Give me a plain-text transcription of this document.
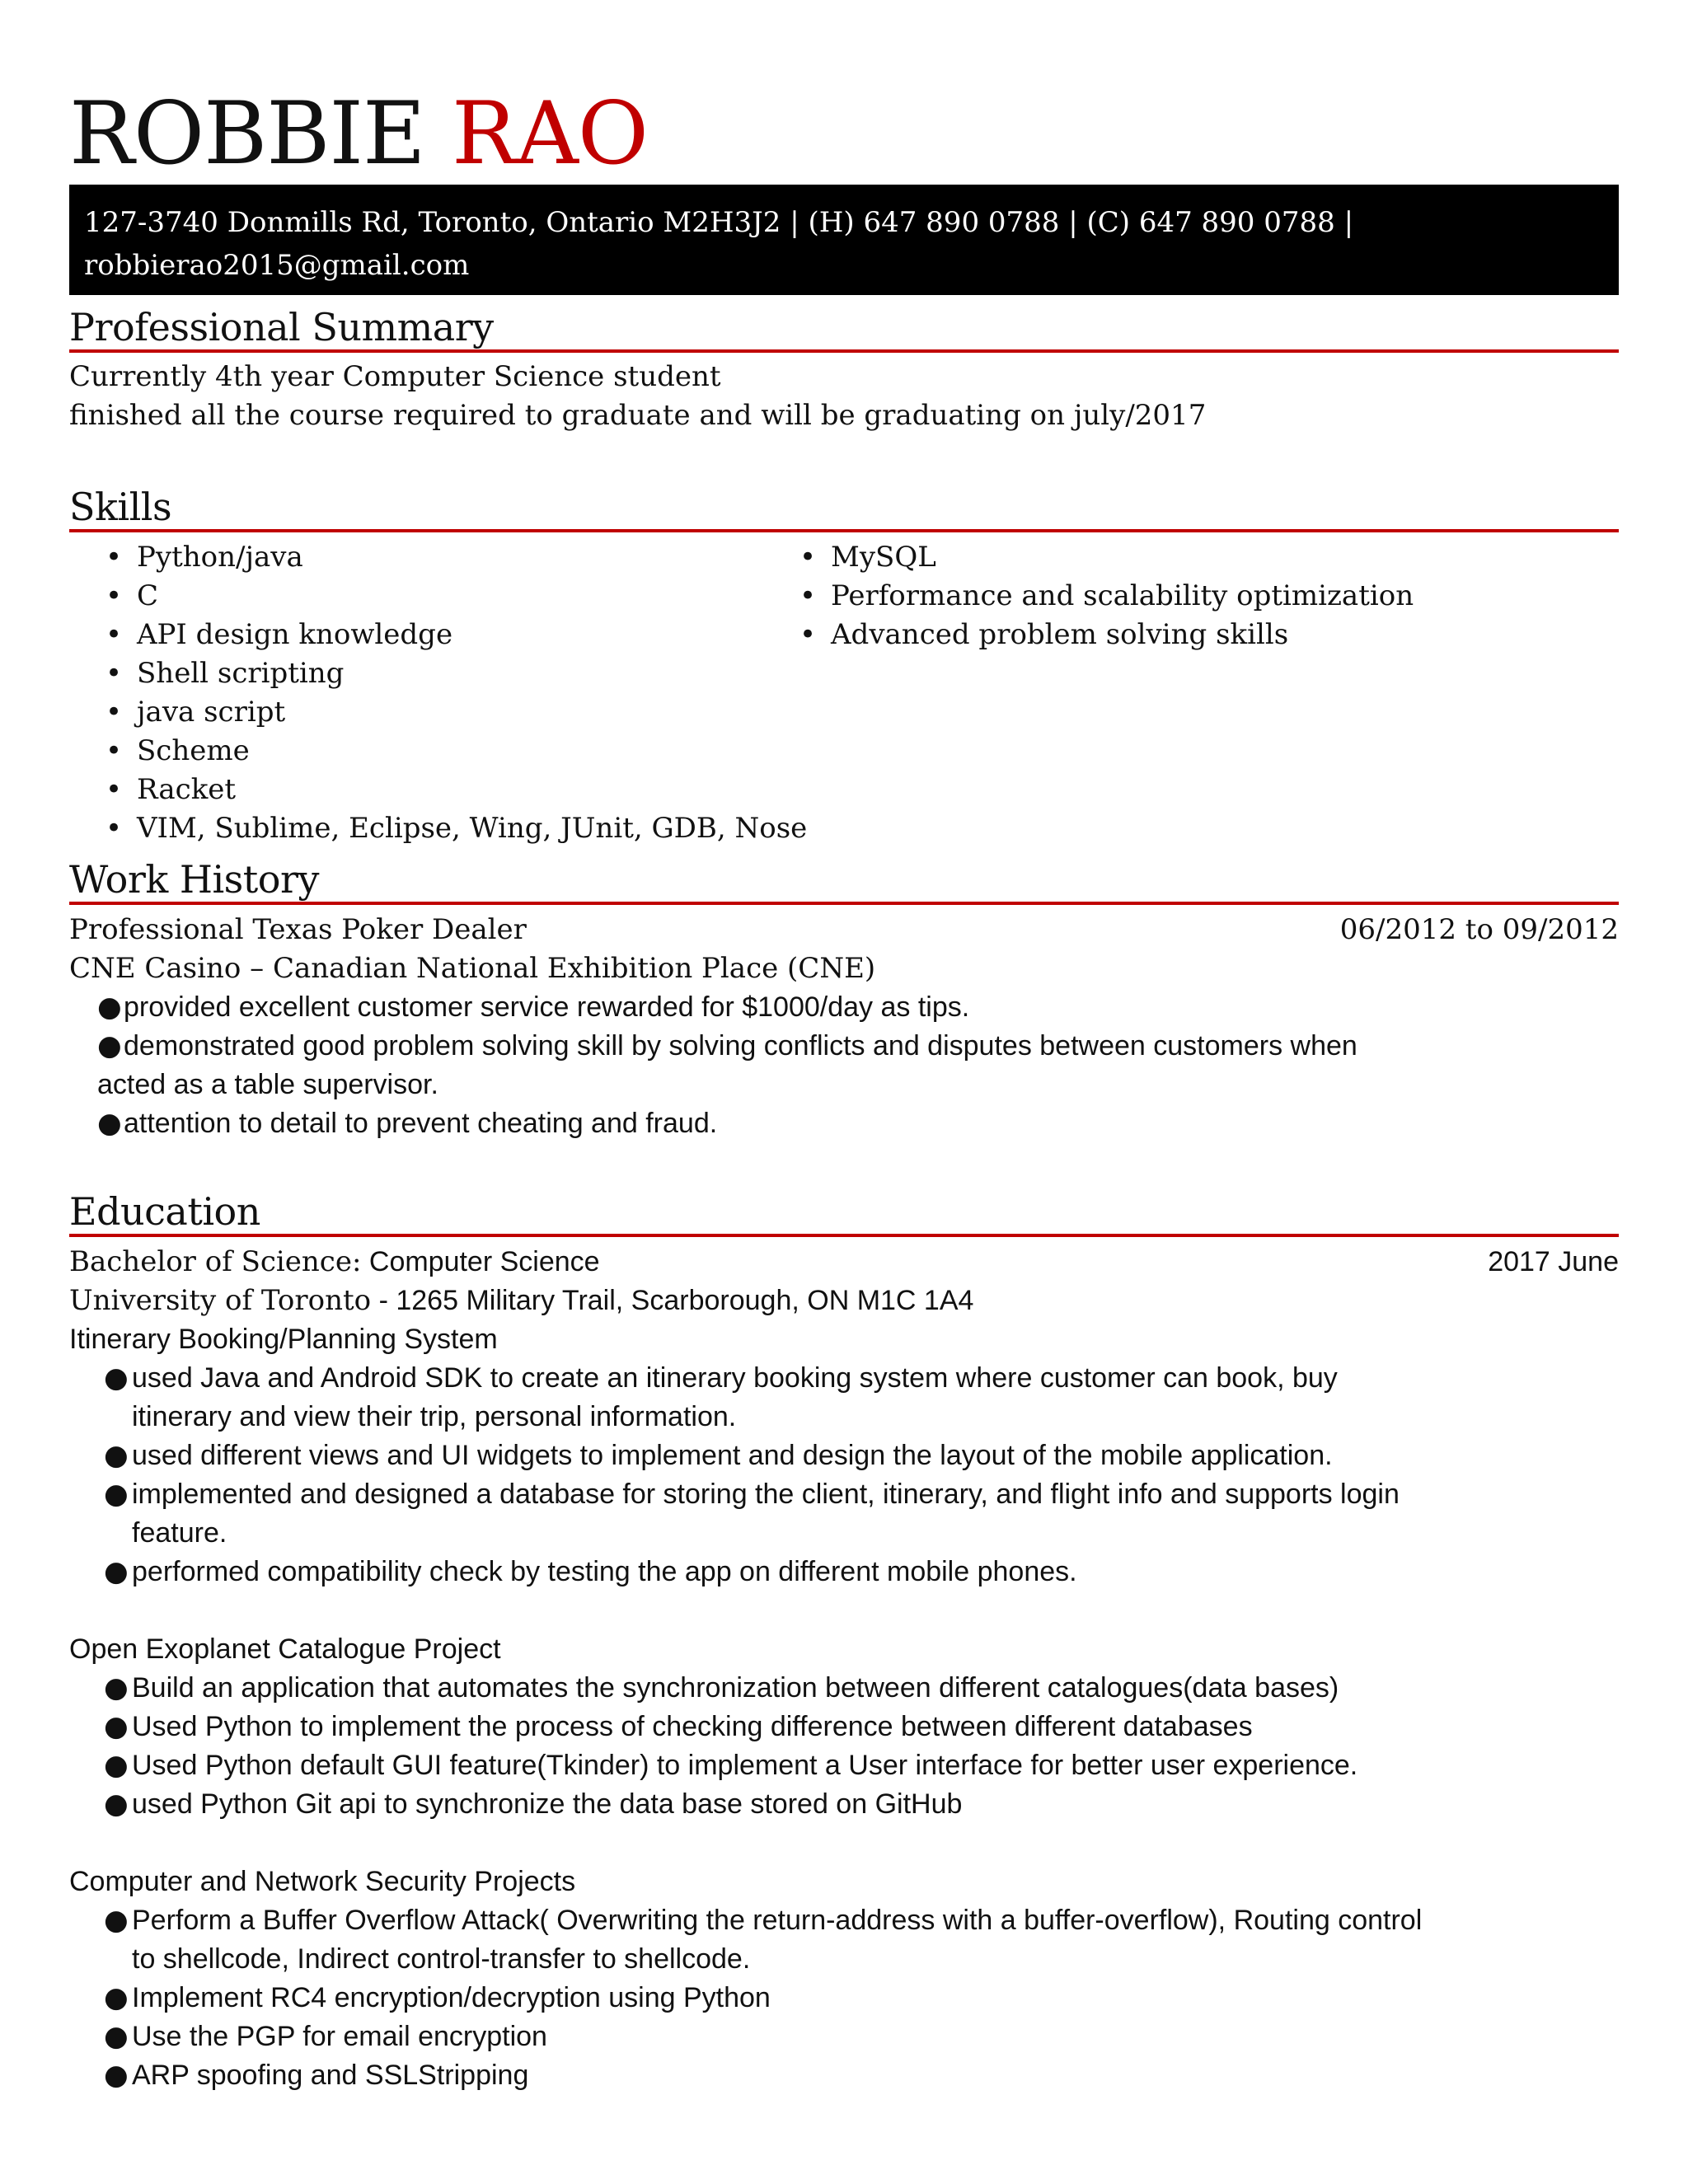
ROBBIE RAO
127-3740 Donmills Rd, Toronto, Ontario M2H3J2 | (H) 647 890 0788 | (C) 647 890 0788 |
robbierao2015@gmail.com
Professional Summary
Currently 4th year Computer Science student
finished all the course required to graduate and will be graduating on july/2017
Skills
• Python/java
• C
• API design knowledge
• Shell scripting
• java script
• Scheme
• Racket
• VIM, Sublime, Eclipse, Wing, JUnit, GDB, Nose
• MySQL
• Performance and scalability optimization
• Advanced problem solving skills
Work History
Professional Texas Poker Dealer	06/2012 to 09/2012
CNE Casino – Canadian National Exhibition Place (CNE)
● provided excellent customer service rewarded for $1000/day as tips.
● demonstrated good problem solving skill by solving conflicts and disputes between customers when
acted as a table supervisor.
● attention to detail to prevent cheating and fraud.
Education
Bachelor of Science: Computer Science	2017 June
University of Toronto - 1265 Military Trail, Scarborough, ON M1C 1A4
Itinerary Booking/Planning System
● used Java and Android SDK to create an itinerary booking system where customer can book, buy
itinerary and view their trip, personal information.
● used different views and UI widgets to implement and design the layout of the mobile application.
● implemented and designed a database for storing the client, itinerary, and flight info and supports login
feature.
● performed compatibility check by testing the app on different mobile phones.
Open Exoplanet Catalogue Project
● Build an application that automates the synchronization between different catalogues(data bases)
● Used Python to implement the process of checking difference between different databases
● Used Python default GUI feature(Tkinder) to implement a User interface for better user experience.
● used Python Git api to synchronize the data base stored on GitHub
Computer and Network Security Projects
● Perform a Buffer Overflow Attack( Overwriting the return-address with a buffer-overflow), Routing control
to shellcode, Indirect control-transfer to shellcode.
● Implement RC4 encryption/decryption using Python
● Use the PGP for email encryption
● ARP spoofing and SSLStripping
